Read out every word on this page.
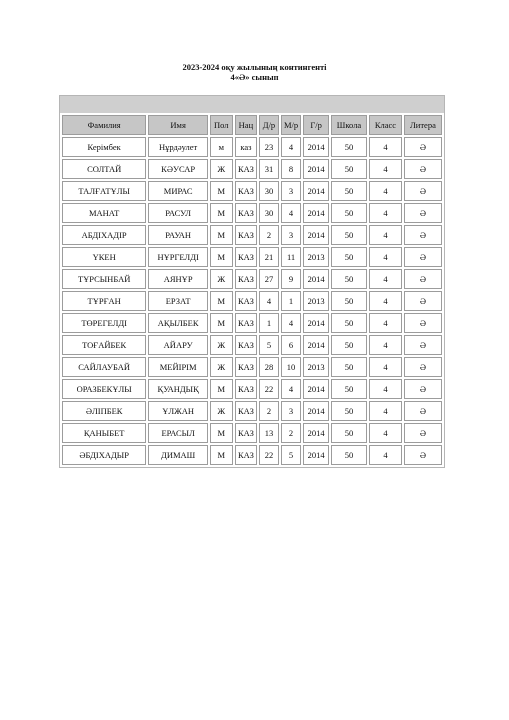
2023-2024 оқу жылының контингенті
4«Ә» сынып
Фамилия	Имя	Пол	Нац	Д/р	М/р	Г/р	Школа	Класс	Литера
Керімбек	Нұрдәулет	м	каз	23	4	2014	50	4	Ә
СОЛТАЙ	КӘУСАР	Ж	КАЗ	31	8	2014	50	4	Ә
ТАЛҒАТҰЛЫ	МИРАС	М	КАЗ	30	3	2014	50	4	Ә
МАНАТ	РАСУЛ	М	КАЗ	30	4	2014	50	4	Ә
АБДІХАДІР	РАУАН	М	КАЗ	2	3	2014	50	4	Ә
ҮКЕН	НҰРГЕЛДІ	М	КАЗ	21	11	2013	50	4	Ә
ТҰРСЫНБАЙ	АЯНҰР	Ж	КАЗ	27	9	2014	50	4	Ә
ТҰРҒАН	ЕРЗАТ	М	КАЗ	4	1	2013	50	4	Ә
ТӨРЕГЕЛДІ	АҚЫЛБЕК	М	КАЗ	1	4	2014	50	4	Ә
ТОҒАЙБЕК	АЙАРУ	Ж	КАЗ	5	6	2014	50	4	Ә
САЙЛАУБАЙ	МЕЙІРІМ	Ж	КАЗ	28	10	2013	50	4	Ә
ОРАЗБЕКҰЛЫ	ҚУАНДЫҚ	М	КАЗ	22	4	2014	50	4	Ә
ӘЛІПБЕК	ҰЛЖАН	Ж	КАЗ	2	3	2014	50	4	Ә
ҚАНЫБЕТ	ЕРАСЫЛ	М	КАЗ	13	2	2014	50	4	Ә
ӘБДІХАДЫР	ДИМАШ	М	КАЗ	22	5	2014	50	4	Ә
